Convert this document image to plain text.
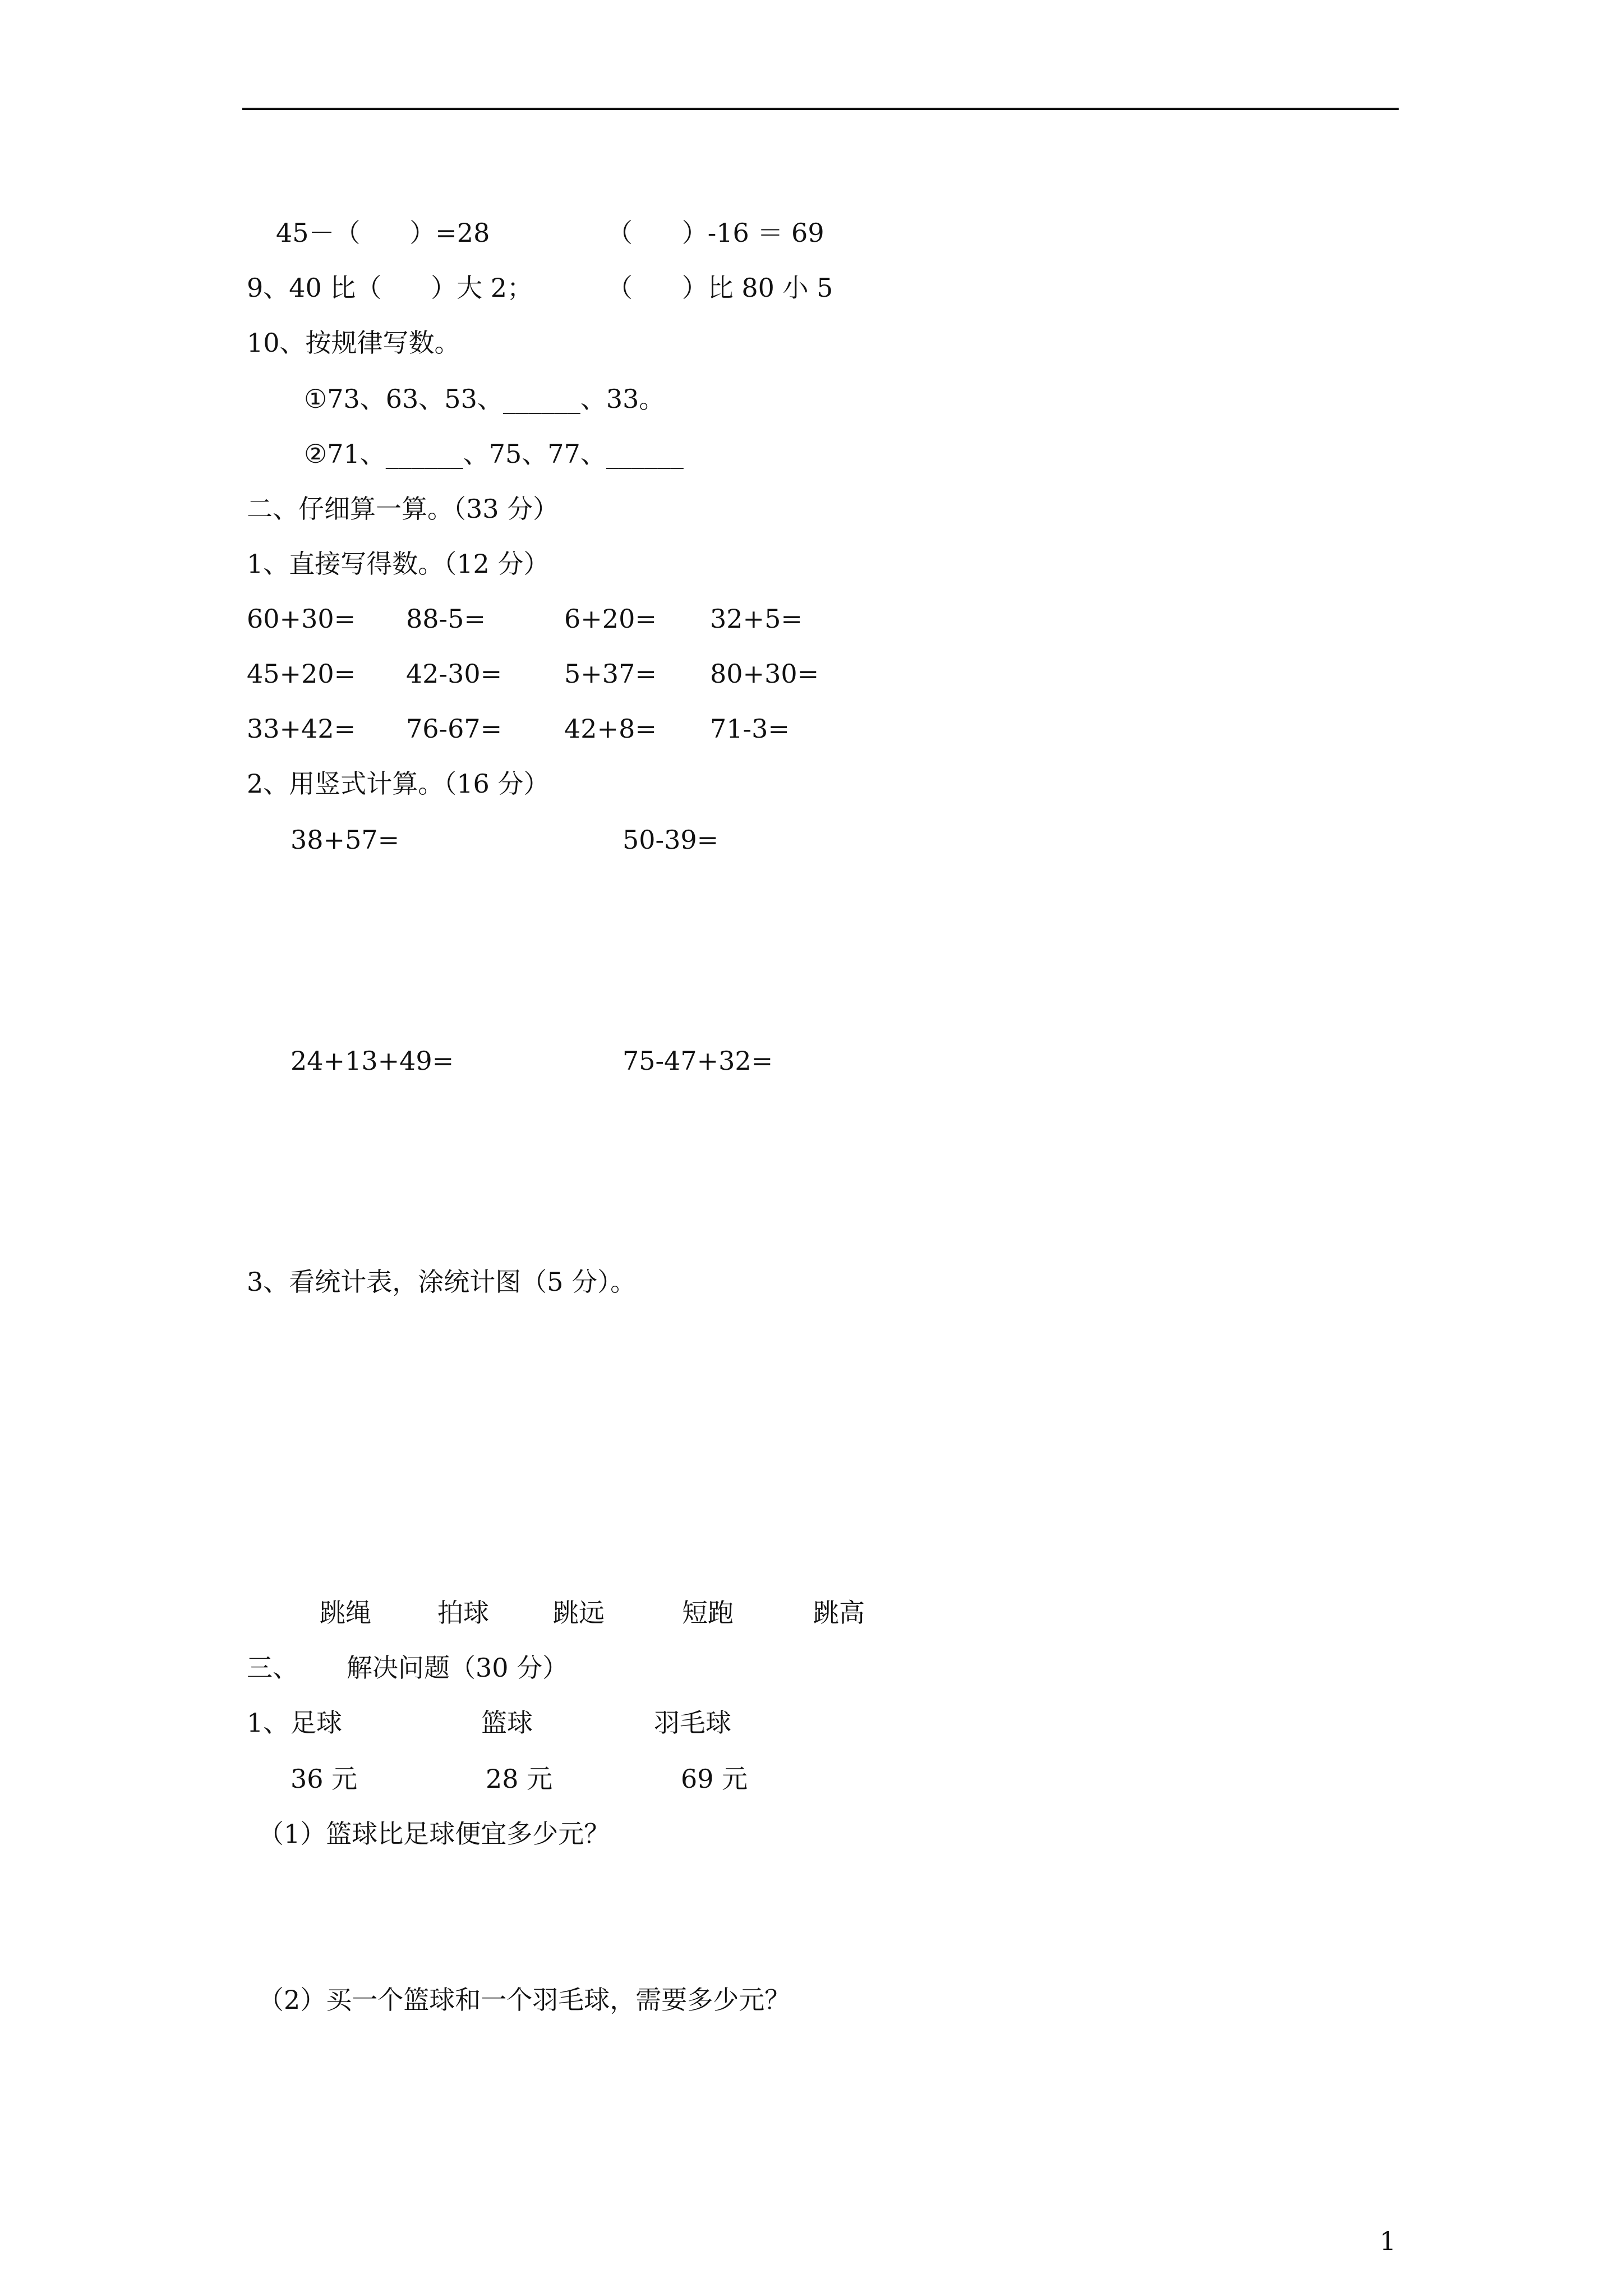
45－（      ）=28	（      ）-16 ＝ 69
9、40 比（      ）大 2；	（      ）比 80 小 5
10、按规律写数。
①73、63、53、______、33。
②71、______、75、77、______
二、仔细算一算。（33 分）
1、直接写得数。（12 分）
60+30= 88-5=	6+20= 32+5=
45+20= 42-30= 5+37= 80+30=
33+42= 76-67= 42+8= 71-3=
2、用竖式计算。（16 分）
38+57=	50-39=
24+13+49=	75-47+32=
3、看统计表，涂统计图（5 分）。
跳绳	拍球 跳远	短跑	跳高
三、 解决问题（30 分）
1、 足球	篮球	羽毛球
36 元	28 元	69 元
（1）篮球比足球便宜多少元？
（2）买一个篮球和一个羽毛球，需要多少元？
1
